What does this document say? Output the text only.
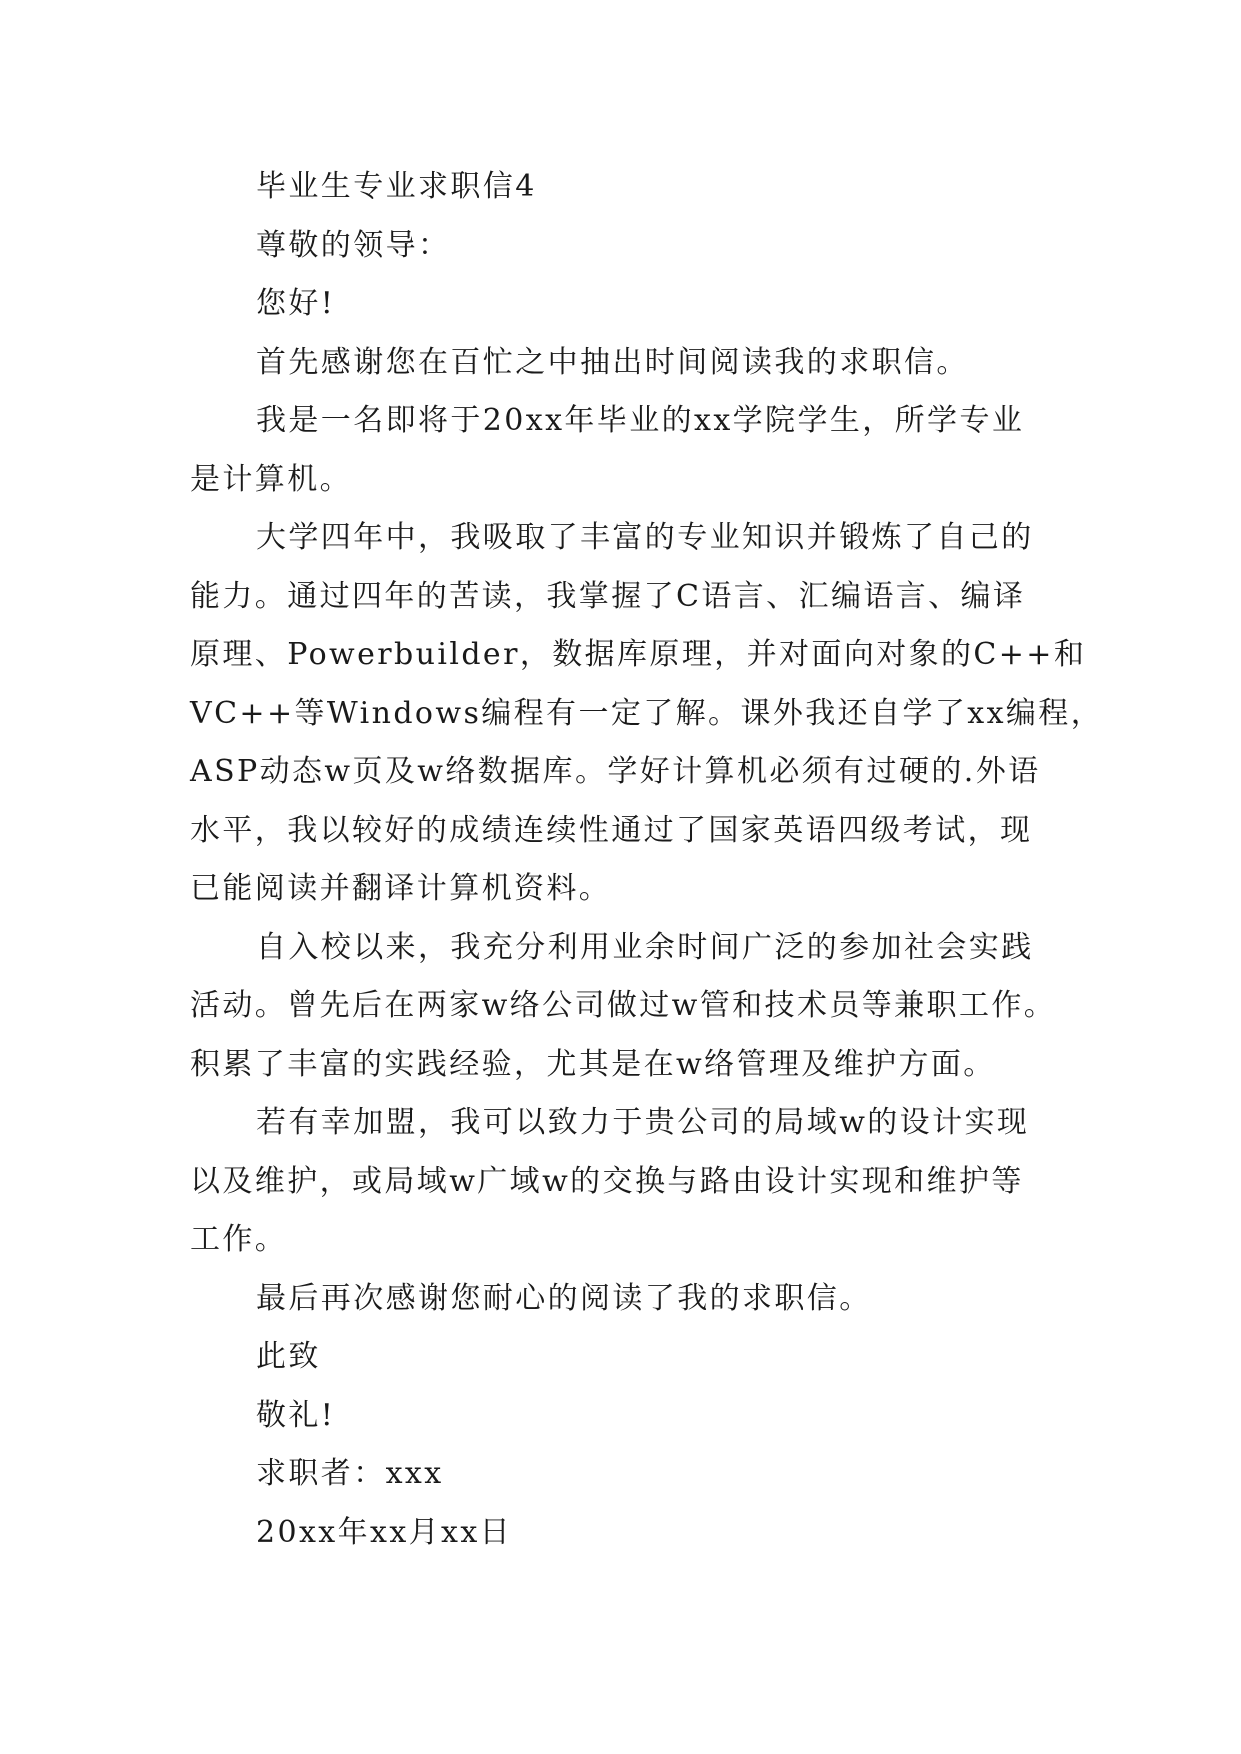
毕业生专业求职信4
尊敬的领导：
您好!
首先感谢您在百忙之中抽出时间阅读我的求职信。
我是一名即将于20xx年毕业的xx学院学生，所学专业
是计算机。
大学四年中，我吸取了丰富的专业知识并锻炼了自己的
能力。通过四年的苦读，我掌握了C语言、汇编语言、编译
原理、Powerbuilder，数据库原理，并对面向对象的C++和
VC++等Windows编程有一定了解。课外我还自学了xx编程，
ASP动态w页及w络数据库。学好计算机必须有过硬的.外语
水平，我以较好的成绩连续性通过了国家英语四级考试，现
已能阅读并翻译计算机资料。
自入校以来，我充分利用业余时间广泛的参加社会实践
活动。曾先后在两家w络公司做过w管和技术员等兼职工作。
积累了丰富的实践经验，尤其是在w络管理及维护方面。
若有幸加盟，我可以致力于贵公司的局域w的设计实现
以及维护，或局域w广域w的交换与路由设计实现和维护等
工作。
最后再次感谢您耐心的阅读了我的求职信。
此致
敬礼!
求职者：xxx
20xx年xx月xx日
